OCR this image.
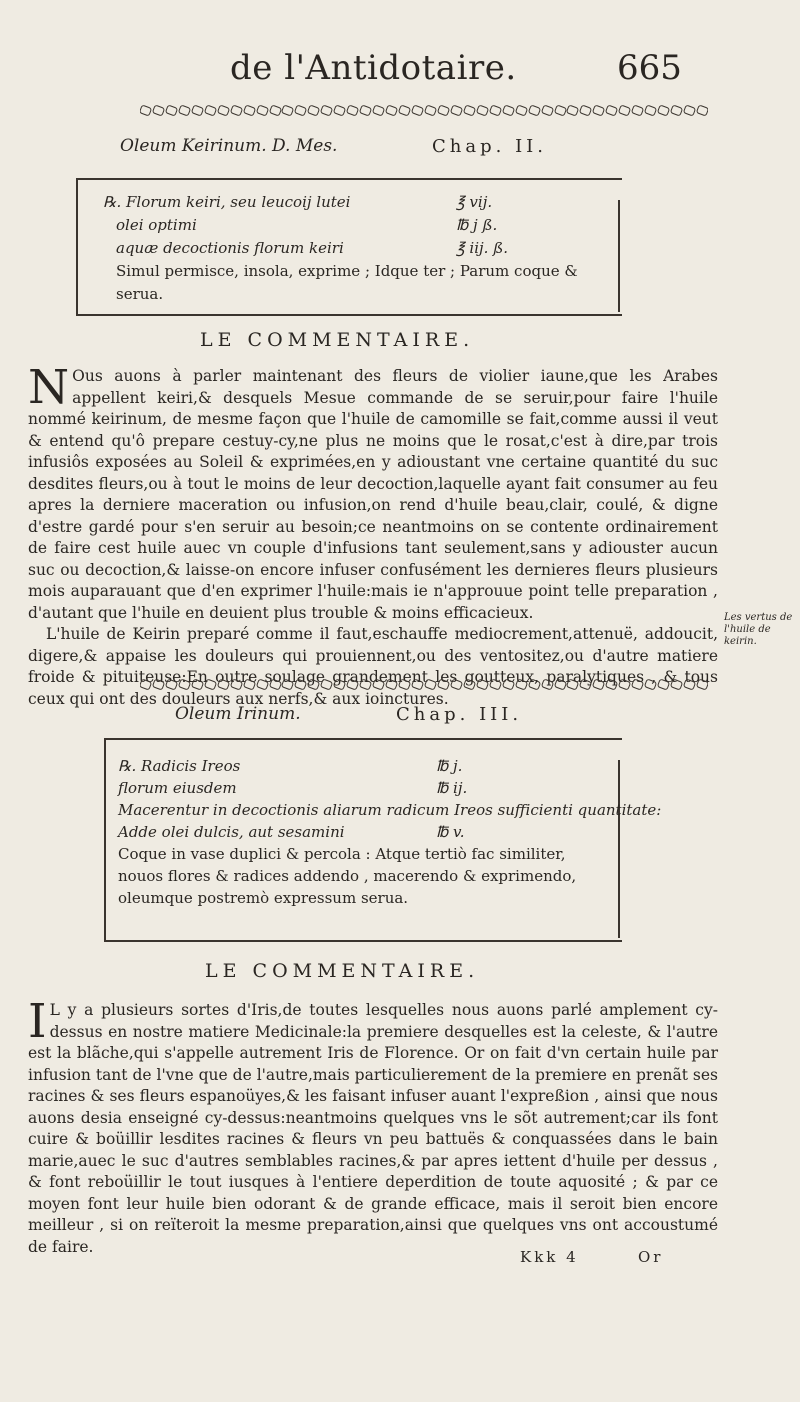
de l'Antidotaire.	665
Oleum Keirinum. D. Mes.	Chap. II.
℞. Florum keiri, seu leucoij lutei	℥ vij.
olei optimi	℔ j ß.
aquæ decoctionis florum keiri	℥ iij. ß.
Simul permisce, insola, exprime ; Idque ter ; Parum coque &
serua.
LE COMMENTAIRE.
N Ous auons à parler maintenant des fleurs de violier iaune,que les Arabes appellent keiri,& desquels Mesue commande de se seruir,pour faire l'huile nommé keirinum, de mesme façon que l'huile de camomille se fait,comme aussi il veut & entend qu'ô prepare cestuy-cy,ne plus ne moins que le rosat,c'est à dire,par trois infusiôs exposées au Soleil & exprimées,en y adioustant vne certaine quantité du suc desdites fleurs,ou à tout le moins de leur decoction,laquelle ayant fait consumer au feu apres la derniere maceration ou infusion,on rend d'huile beau,clair, coulé, & digne d'estre gardé pour s'en seruir au besoin;ce neantmoins on se contente ordinairement de faire cest huile auec vn couple d'infusions tant seulement,sans y adiouster aucun suc ou decoction,& laisse-on encore infuser confusément les dernieres fleurs plusieurs mois auparauant que d'en exprimer l'huile:mais ie n'approuue point telle preparation , d'autant que l'huile en deuient plus trouble & moins efficacieux.
L'huile de Keirin preparé comme il faut,eschauffe mediocrement,attenuë, addoucit, digere,& appaise les douleurs qui prouiennent,ou des ventositez,ou d'autre matiere froide & pituiteuse:En outre soulage grandement les goutteux, paralytiques , & tous ceux qui ont des douleurs aux nerfs,& aux ioinctures.
Les vertus de l'huile de keirin.
Oleum Irinum.	Chap. III.
℞. Radicis Ireos	℔ j.
florum eiusdem	℔ ij.
Macerentur in decoctionis aliarum radicum Ireos sufficienti quantitate:
Adde olei dulcis, aut sesamini	℔ v.
Coque in vase duplici & percola : Atque tertiò fac similiter,
nouos flores & radices addendo , macerendo & exprimendo,
oleumque postremò expressum serua.
LE COMMENTAIRE.
I L y a plusieurs sortes d'Iris,de toutes lesquelles nous auons parlé amplement cy-dessus en nostre matiere Medicinale:la premiere desquelles est la celeste, & l'autre est la blãche,qui s'appelle autrement Iris de Florence. Or on fait d'vn certain huile par infusion tant de l'vne que de l'autre,mais particulierement de la premiere en prenãt ses racines & ses fleurs espanoüyes,& les faisant infuser auant l'expreßion , ainsi que nous auons desia enseigné cy-dessus:neantmoins quelques vns le sõt autrement;car ils font cuire & boüillir lesdites racines & fleurs vn peu battuës & conquassées dans le bain marie,auec le suc d'autres semblables racines,& par apres iettent d'huile per dessus , & font reboüillir le tout iusques à l'entiere deperdition de toute aquosité ; & par ce moyen font leur huile bien odorant & de grande efficace, mais il seroit bien encore meilleur , si on reïteroit la mesme preparation,ainsi que quelques vns ont accoustumé de faire.
Kkk 4	Or
